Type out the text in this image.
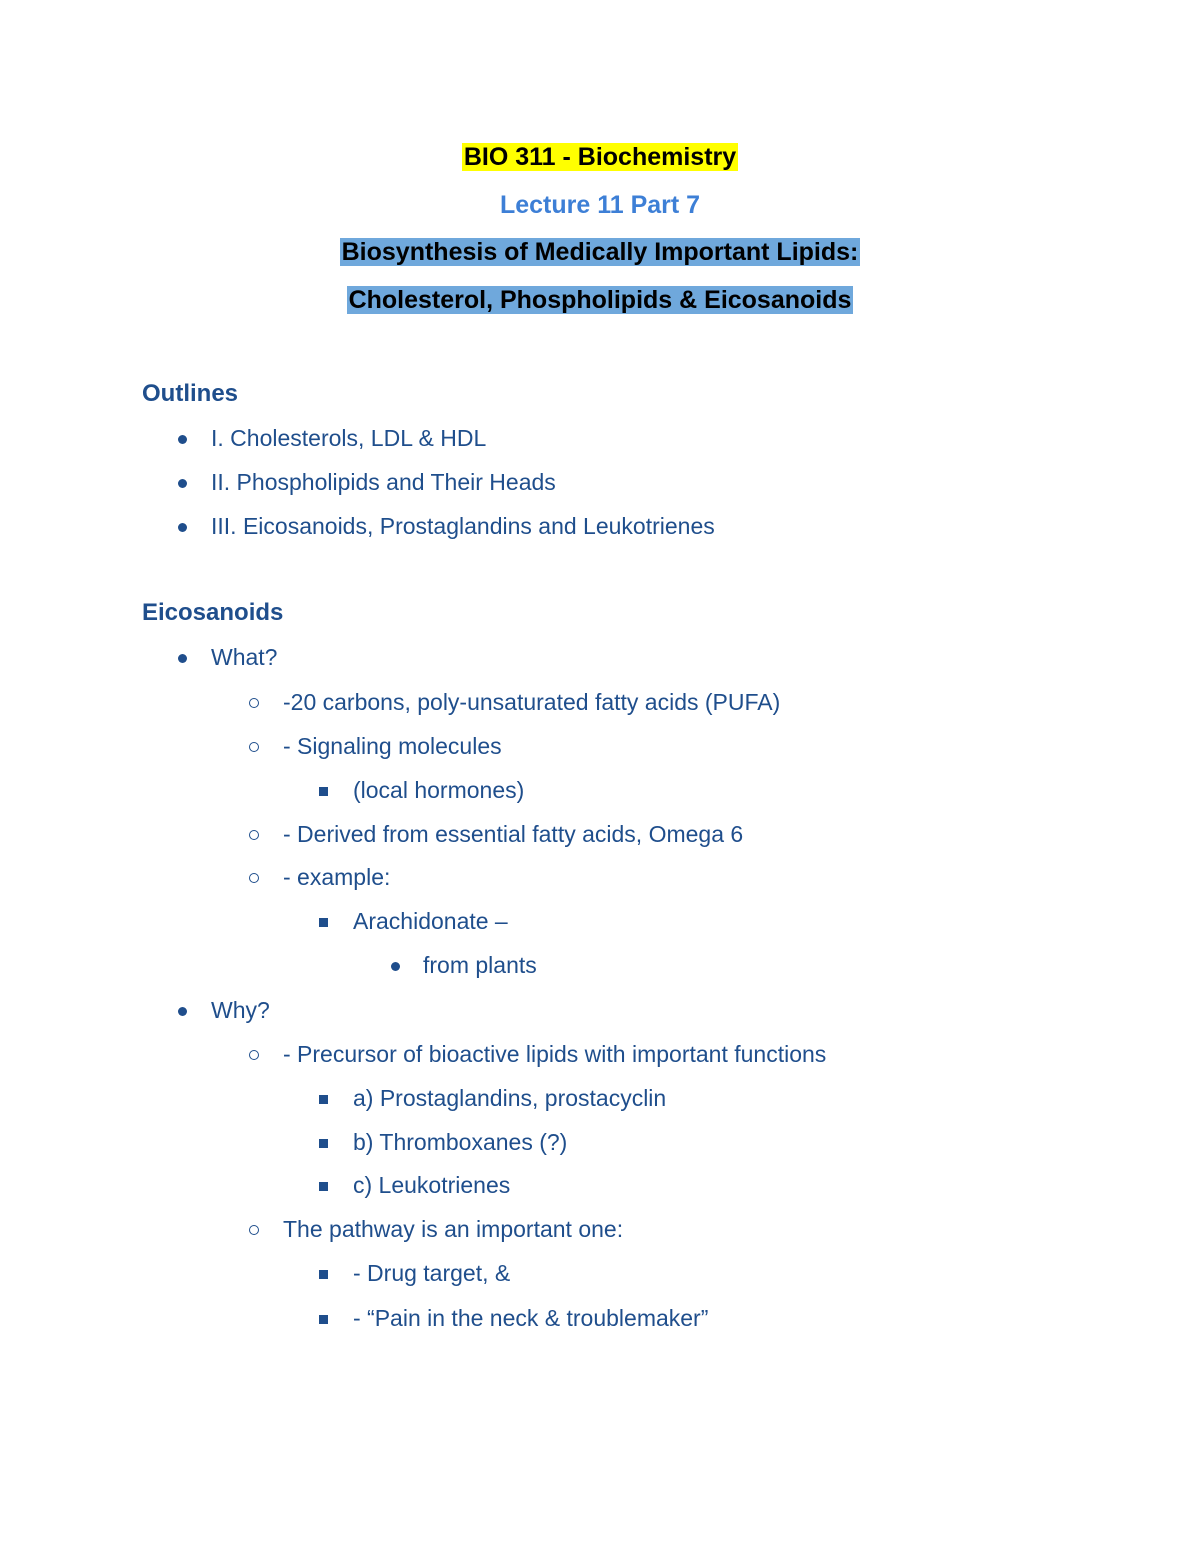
BIO 311 - Biochemistry
Lecture 11 Part 7
Biosynthesis of Medically Important Lipids:
Cholesterol, Phospholipids & Eicosanoids
Outlines
I. Cholesterols, LDL & HDL
II. Phospholipids and Their Heads
III. Eicosanoids, Prostaglandins and Leukotrienes
Eicosanoids
What?
-20 carbons, poly-unsaturated fatty acids (PUFA)
- Signaling molecules
(local hormones)
- Derived from essential fatty acids, Omega 6
- example:
Arachidonate –
from plants
Why?
- Precursor of bioactive lipids with important functions
a) Prostaglandins, prostacyclin
b) Thromboxanes (?)
c) Leukotrienes
The pathway is an important one:
- Drug target, &
- “Pain in the neck & troublemaker”
